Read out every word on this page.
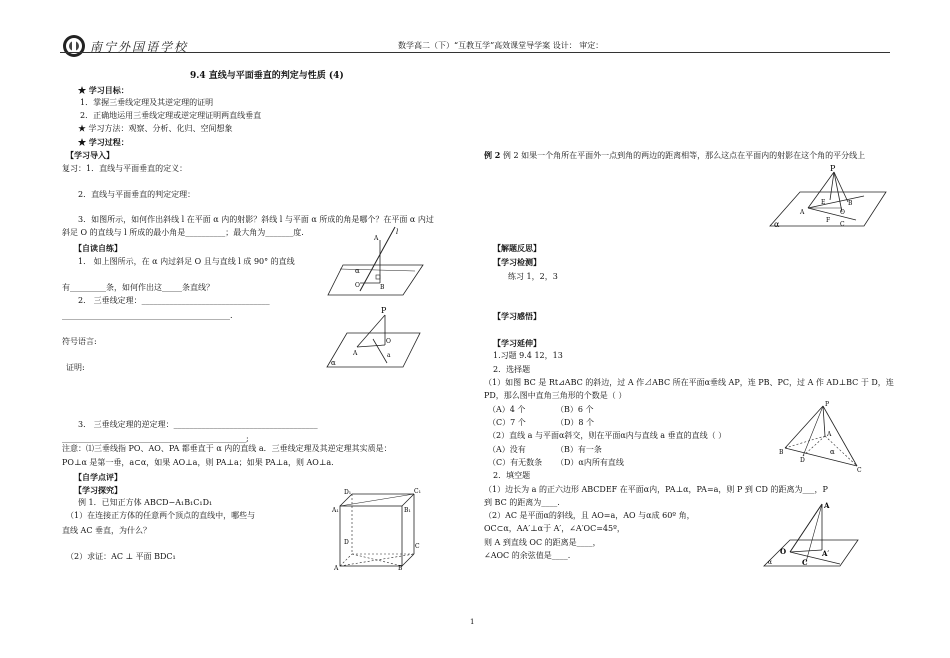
南宁外国语学校	数学高二（下）“互教互学”高效课堂导学案 设计： 审定：
9.4 直线与平面垂直的判定与性质 (4)
★ 学习目标：
1．掌握三垂线定理及其逆定理的证明
2．正确地运用三垂线定理或逆定理证明两直线垂直
★ 学习方法：观察、分析、化归、空间想象
★ 学习过程：
【学习导入】
复习：1．直线与平面垂直的定义：
2．直线与平面垂直的判定定理：
3．如图所示，如何作出斜线 l 在平面 α 内的射影？斜线 l 与平面 α 所成的角是哪个？在平面 α 内过
斜足 O 的直线与 l 所成的最小角是__________；最大角为_______度.
【自读自练】
1． 如上图所示，在 α 内过斜足 O 且与直线 l 成 90° 的直线
有_________条，如何作出这_____条直线？
2． 三垂线定理：________________________________
__________________________________________.
符号语言:
证明:
3． 三垂线定理的逆定理：____________________________________
______________________________________________;
注意：⑴三垂线指 PO、AO、PA 都垂直于 α 内的直线 a．三垂线定理及其逆定理其实质是：
PO⊥α 是第一垂，a⊂α，如果 AO⊥a，则 PA⊥a；如果 PA⊥a，则 AO⊥a．
【自学点评】
【学习探究】
例 1．已知正方体 ABCD−A₁B₁C₁D₁
（1）在连接正方体的任意两个顶点的直线中，哪些与
直线 AC 垂直，为什么？
（2）求证：AC ⊥ 平面 BDC₁
l
A
α
O	B
P
A
O
a
α
D₁	C₁
A₁	B₁
D
C
A	B
例 2 例 2 如果一个角所在平面外一点到角的两边的距离相等，那么这点在平面内的射影在这个角的平分线上
P
E	B
A	O
F
C
α
【解题反思】
【学习检测】
练习 1，2，3
【学习感悟】
【学习延伸】
1.习题 9.4 12，13
2．选择题
（1）如图 BC 是 Rt⊿ABC 的斜边，过 A 作⊿ABC 所在平面α垂线 AP，连 PB、PC，过 A 作 AD⊥BC 于 D，连
PD，那么图中直角三角形的个数是（ ）
（A）4 个	（B）6 个
（C）7 个	（D）8 个
（2）直线 a 与平面α斜交，则在平面α内与直线 a 垂直的直线（ ）
（A）没有	（B）有一条
（C）有无数条 （D）α内所有直线
2．填空题
（1）边长为 a 的正六边形 ABCDEF 在平面α内，PA⊥α，PA=a，则 P 到 CD 的距离为___，P
到 BC 的距离为____.
（2）AC 是平面α的斜线，且 AO=a，AO 与α成 60º 角，
OC⊂α，AA′⊥α于 A′，∠A′OC=45º，
则 A 到直线 OC 的距离是____，
∠AOC 的余弦值是____.
P
A
B
D
C
α
A
O	A′
C
α
1
